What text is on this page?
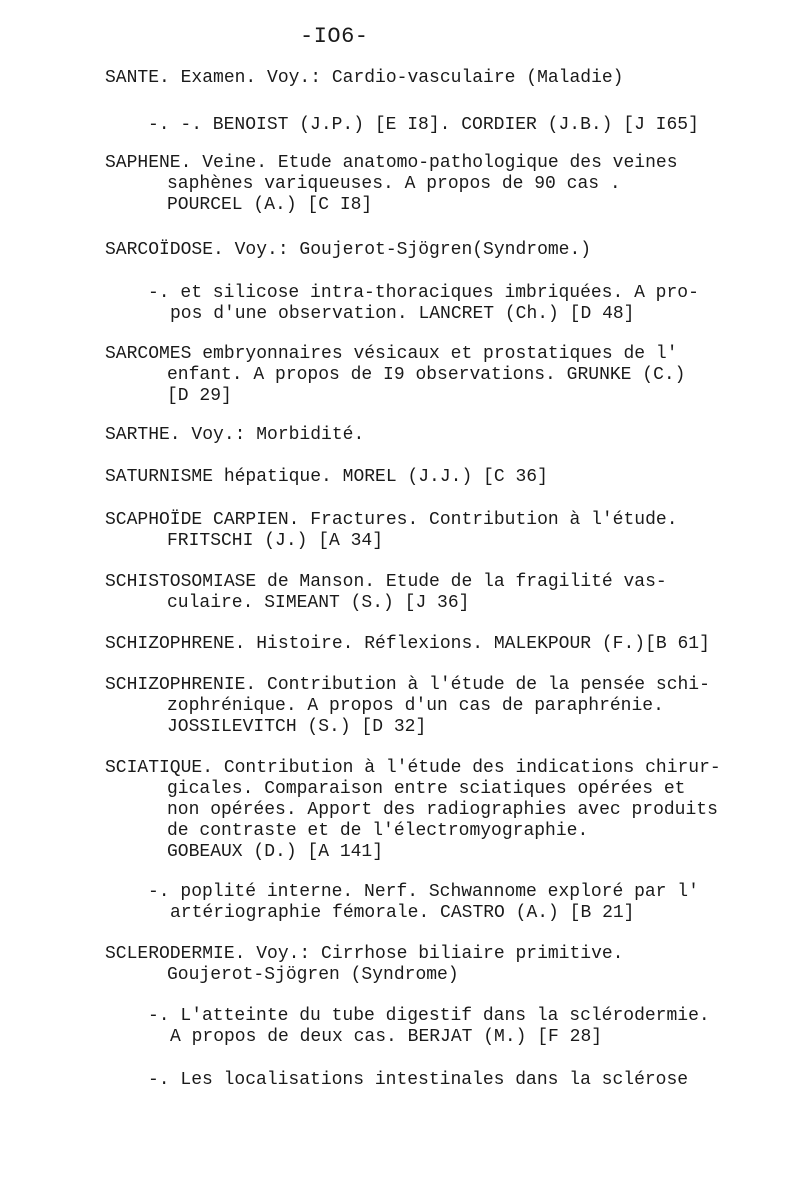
-IO6-
SANTE. Examen. Voy.: Cardio-vasculaire (Maladie)
-. -. BENOIST (J.P.) [E I8]. CORDIER (J.B.) [J I65]
SAPHENE. Veine. Etude anatomo-pathologique des veines
saphènes variqueuses. A propos de 90 cas .
POURCEL (A.) [C I8]
SARCOÏDOSE. Voy.: Goujerot-Sjögren(Syndrome.)
-. et silicose intra-thoraciques imbriquées. A pro-
pos d'une observation. LANCRET (Ch.) [D 48]
SARCOMES embryonnaires vésicaux et prostatiques de l'
enfant. A propos de I9 observations. GRUNKE (C.)
[D 29]
SARTHE. Voy.: Morbidité.
SATURNISME hépatique. MOREL (J.J.) [C 36]
SCAPHOÏDE CARPIEN. Fractures. Contribution à l'étude.
FRITSCHI (J.) [A 34]
SCHISTOSOMIASE de Manson. Etude de la fragilité vas-
culaire. SIMEANT (S.) [J 36]
SCHIZOPHRENE. Histoire. Réflexions. MALEKPOUR (F.)[B 61]
SCHIZOPHRENIE. Contribution à l'étude de la pensée schi-
zophrénique. A propos d'un cas de paraphrénie.
JOSSILEVITCH (S.) [D 32]
SCIATIQUE. Contribution à l'étude des indications chirur-
gicales. Comparaison entre sciatiques opérées et
non opérées. Apport des radiographies avec produits
de contraste et de l'électromyographie.
GOBEAUX (D.) [A 141]
-. poplité interne. Nerf. Schwannome exploré par l'
artériographie fémorale. CASTRO (A.) [B 21]
SCLERODERMIE. Voy.: Cirrhose biliaire primitive.
Goujerot-Sjögren (Syndrome)
-. L'atteinte du tube digestif dans la sclérodermie.
A propos de deux cas. BERJAT (M.) [F 28]
-. Les localisations intestinales dans la sclérose
